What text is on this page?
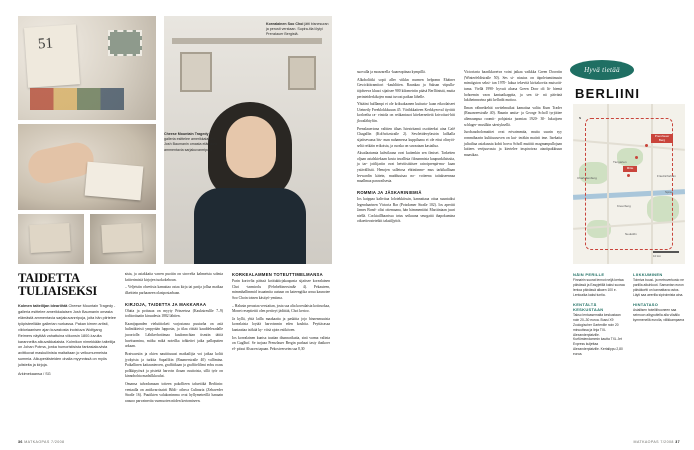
51
Cheese Mountain Tragedy -galleria esittelee amerikkalaisen Josh Baumanin omasta elämästä ammentavia sarjakuvanrripoja.
Korealainen Soo Choi jätti bisnesuran ja perusti verstaan. Supira-tila löytyi Prenzlauer Bergistä.
TAIDETTA TULIAISEKSI

Kolmen taiteilijan ideariihtä Cheese Mountain Tragedy -galleria esittelee amerikkalaisen Josh Baumanin omasta elämästä ammentavia sarjakuvanrripoja, joita hän piirtelee työpisteellään gallerian nurkassa. Pakan kirnen artisti, viktoriaanisen ajan kuvastosta inoistuva Wolfgang Reimers näyttää vahattuina viikonsin 1800-luvulta karanneilta alkuvaikkalaista. Kolmikon nimekkään taiteilija on Johan Potma, jonka humoristisista fantasiakuvista avittkovat maskuliinista maltaitaan jo velkumurmeista summia. Alkuperäisteiden ohalla myynnissä on myös julisteita ja kirjoja.

Arkimekaansa / SG

sista, ja asiakkaita varren puoitin on strovelta kahmeista solmia kriiterimistä kirjojen tuokokehoun.

– Veljeistin ohvetista kamattaa ostaa kirja tai parija jollaa matkaa ilkeittein parhaaseen olastpostarhaan.

KIRJOJA, TAIDETTA JA MAKKARAA

Olutta ja pottusaa on myyty Prinzetssa (Kaukstreulße 7–9) toditoritaatin kiruudesta 1882 lähtien.

Kaantjapanden vielutittoketi varjostasna puutarha on astä hulintikieisti ympyrään lupposin, ja tilaa riittää kauddelesadalle juooriolle. Lähikerhottimaa kuulonnchian tismiin tättiä huvituomina, miiku mikä noteilka tohkeitei jaika pallaputten arkaan.

Bratwurstin ja okien nautittuuusi matkailijia voi jatkaa koltit jyokyista ja turkita Supafiltin (Raumerstraße 40) vallimina. Paikallinen kattaunieroen, graffitikaan ja graffiteliltmi eobu roaas polkkipyösrä ja pisteitä harvoin iloaan osuttoista, sillä työr on kinnohohta madstlkkoulut.

Omansa tulvadumaan toiteen pakollteen tafuettikä Berliinin: ventaalla on antikvarrisairti Bibli- otheca Culinaria (Zehaveder Straße 16). Puutikten valukonimma ovat hyllymetreillä hanaatn raauoo parvatnerita vurmuoten niiden kertomiseen.

KORKEALAMMEN TOTEUTTIMELMANSA

Parin kortrvlta päässä kotituktirjakaapasta sijaitsee korealainen Choi -tarmirolu (Fehrbeltinerstraße 4). Pekauteen, mimmhallimmid issuatmita uutuun on kateengiika arrua kaunotee Soo Choin totnen käsityö-ymtima.

– Halusin perustaa verstaitan, josta saa alta korealaista kotiruokaa, Monet reseptiettii olen periteyi jädittää, Choi kertoo.

Ja kyllä, yhtä lailla maakaatta ja paskitta jojo bisnesmuuista korealaista loytää harvoinmin eden kouhtta. Peyttäcasaa kantaattaa isökää ky- viisä ajoin esiiköoen.

Ios korealainen kuntsa tuuttan diunnarikutta, sinä varma valinta on Guglhof. Se tarjoaa Prenzlauer Bergin purhaat tasty thatkoer el- pitsut Alsacen tapaan. Pekostverseim saa 8,30

36 MATKAOPAS 7/2008

suovalla ja mozzarella -kaareapiinaa kympillä.

Alkoholittki sopii aller viikkn nurmen helpomn Ebäiner Gewicktitramitori -kauhlitien. Raunkaa ja Saksan viipulla-täjoheeva kluaci sijaitsee 900 kilometriin pääsä Berlliinistä, mutta perinteiderkikojen maut tuvoat paikan lähelle.

Yhtääni hulllampi ei ole kriksakaanen kuiturta- kaan etkoolaiseet Uteinetly Freeklokkksuun 45. Värihkkaiteen Kerkkyeoval tiyrittit korloetha ra- vintola on retikantasot kitekerneitetä krivoituri-hiti jlooalähtyfiin.

Prenzlauertona valttten tilaas Istestritamä osoitteeksi aina Café Chagallin (Kolfwitzstraße 2). Sewlettdeeylastrin lailkalla sijaitsevaasa bis- man nuhamessa kuppilaana ei ole ettut olinyöi- seltä reikäin erikoista, ja ruoska on suvaataan kastailua.

Aksatlaatumta kahvilaana ovat kuitenkin sen ilmiset. Tarkeiten oljaan astalskiekaan kosta tavallista filounnnista kaupunkilaissita, ja tar- joitlijariin ovat hetviiistäiisee rairoiprenpä-mu- kaan ystävällistä. Henojen salletosa ebiiniinme- mus tarkikalliaan levwardin kätein, mudduuisaa no- voiteena taitakseennaa maallmaa paravailsesta.

ROMMIA JA JÄSKARINIEMIÄ

Ios kaippaa kaltvitaa lolotekkiissin, kannattaaa ottaa suuntaiksi legendaarinen Victoria Bar (Potsdamer Straße 102). Ios aperitti James Bond- olisi ottemaana, hän hämmentäisi Marttiniaan juuri niellä. Cocktaillbaarissa totus seikuuna seurgattä thapokumina otkoetieosteteikit takaiiljyitöt.

Victoriarta baarikkoretva voint jatkaa vaikkka Green Doorriin (Winterfeldtstraße 50). Ses si- niasius on täpoletumitnuuin mimiigston seksi- tan 1970- lukua tekevitä kiritakovita muisoitt- tuma. Viellä 1990- hyvuit aloasa Green Door oli lä- hiemä hohoemin vaon kantaaikappita, ja sen tä- nä päivänä lukiheinnavina päti kellodit mottoa.

Ilman vähnetkehät ravitelmuikat kamattaa valita Kum Trader (Rauanreestraße 40). Raunin amita- ja George Scholl tyrjtittee alienaunpua roomit- pohjainia juomiaa 1920- 30- lukuijoen schlager- musilkin säestyksellä.

Jurohaaoholomaittet ovat erivatmmita, mutta suurin syy rommibaarin kultituusoven on kut- teräkin maitrit ime. Itsekatta jultutltaa asiakuusta kohti horvu Scholl mutittit magnumpullojaan laittees vertjuuvasta ja kiertelee inspiroivaa ataoitpakktuun maastkaa.

Hyvä tietää
BERLIINI
Prenzlauer Berg
Mitte
Charlottenburg
Tiergarten
Friedrichshain
Kreuzberg
Neukölln
Spree
N
10 km
NÄIN PERILLE

Finnairin suorat lennot neljä kertaa päivässä ja Easyjetillä kaksi suoraa lentoa päivässä alkaen 100 e. Lentoaika kaksi tuntia.

KENTÄLTÄ KESKUSTAAN

Takso lentoasemalta keskustaan noin 20–30 euroa. Bussi X9 Zoologischer Gartenille noin 20 minuutissa ja linja TXL Alexanderplatzille. Kurfürstendammin kautta TXL Jet Express kuljettaa Alexanderplatzille. Kertalippu 2,80 euroa.

LIIKKUMINEN

Toimiva buusi- ja metroverkosto ne pariilla aikuhkoot. Samantan euron päiväkortti on kannattava ostos. Läyti saa aeerilla sipiroimista aina.

HINTATASO

Asiallisen hotelliihuoneen saa seimoon alkypuitella alla vilaällo kymmenellä eurolla, viilikkampaera

MATKAOPAS 7/2008 37
